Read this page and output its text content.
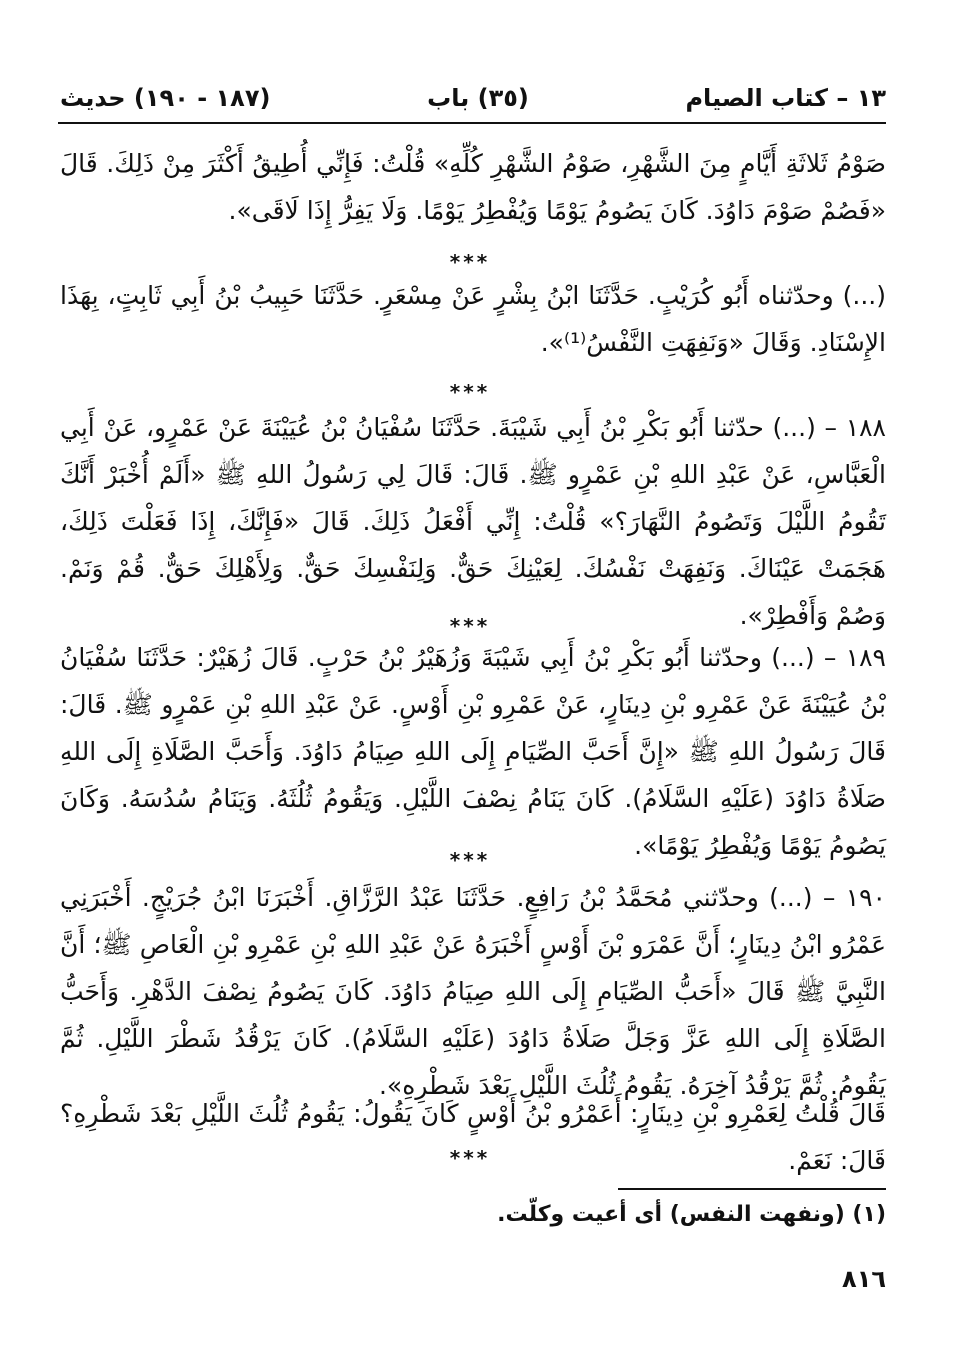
١٣ – كتاب الصيام
(٣٥) باب
(١٨٧ - ١٩٠) حديث

صَوْمُ ثَلاثَةِ أَيَّامٍ مِنَ الشَّهْرِ، صَوْمُ الشَّهْرِ كُلِّهِ» قُلْتُ: فَإِنِّي أُطِيقُ أَكْثَرَ مِنْ ذَلِكَ. قَالَ «فَصُمْ صَوْمَ دَاوُدَ. كَانَ يَصُومُ يَوْمًا وَيُفْطِرُ يَوْمًا. وَلَا يَفِرُّ إِذَا لَاقَى».

***

(...) وحدّثناه أَبُو كُرَيْبٍ. حَدَّثَنَا ابْنُ بِشْرٍ عَنْ مِسْعَرٍ. حَدَّثَنَا حَبِيبُ بْنُ أَبِي ثَابِتٍ، بِهَذَا الإِسْنَادِ. وَقَالَ «وَنَفِهَتِ النَّفْسُ⁽¹⁾».

***

١٨٨ – (...) حدّثنا أَبُو بَكْرِ بْنُ أَبِي شَيْبَةَ. حَدَّثَنَا سُفْيَانُ بْنُ عُيَيْنَةَ عَنْ عَمْرٍو، عَنْ أَبِي الْعَبَّاسِ، عَنْ عَبْدِ اللهِ بْنِ عَمْرٍو ﷺ. قَالَ: قَالَ لِي رَسُولُ اللهِ ﷺ «أَلَمْ أُخْبَرْ أَنَّكَ تَقُومُ اللَّيْلَ وَتَصُومُ النَّهَارَ؟» قُلْتُ: إِنِّي أَفْعَلُ ذَلِكَ. قَالَ «فَإِنَّكَ، إِذَا فَعَلْتَ ذَلِكَ، هَجَمَتْ عَيْنَاكَ. وَنَفِهَتْ نَفْسُكَ. لِعَيْنِكَ حَقٌّ. وَلِنَفْسِكَ حَقٌّ. وَلِأَهْلِكَ حَقٌّ. قُمْ وَنَمْ. وَصُمْ وَأَفْطِرْ».

***

١٨٩ – (...) وحدّثنا أَبُو بَكْرِ بْنُ أَبِي شَيْبَةَ وَزُهَيْرُ بْنُ حَرْبٍ. قَالَ زُهَيْرٌ: حَدَّثَنَا سُفْيَانُ بْنُ عُيَيْنَةَ عَنْ عَمْرِو بْنِ دِينَارٍ، عَنْ عَمْرِو بْنِ أَوْسٍ. عَنْ عَبْدِ اللهِ بْنِ عَمْرٍو ﷺ. قَالَ: قَالَ رَسُولُ اللهِ ﷺ «إِنَّ أَحَبَّ الصِّيَامِ إِلَى اللهِ صِيَامُ دَاوُدَ. وَأَحَبَّ الصَّلَاةِ إِلَى اللهِ صَلَاةُ دَاوُدَ (عَلَيْهِ السَّلَامُ). كَانَ يَنَامُ نِصْفَ اللَّيْلِ. وَيَقُومُ ثُلُثَهُ. وَيَنَامُ سُدُسَهُ. وَكَانَ يَصُومُ يَوْمًا وَيُفْطِرُ يَوْمًا».

***

١٩٠ – (...) وحدّثني مُحَمَّدُ بْنُ رَافِعٍ. حَدَّثَنَا عَبْدُ الرَّزَّاقِ. أَخْبَرَنَا ابْنُ جُرَيْجٍ. أَخْبَرَنِي عَمْرُو ابْنُ دِينَارٍ؛ أَنَّ عَمْرَو بْنَ أَوْسٍ أَخْبَرَهُ عَنْ عَبْدِ اللهِ بْنِ عَمْرِو بْنِ الْعَاصِ ﷺ؛ أَنَّ النَّبِيَّ ﷺ قَالَ «أَحَبُّ الصِّيَامِ إِلَى اللهِ صِيَامُ دَاوُدَ. كَانَ يَصُومُ نِصْفَ الدَّهْرِ. وَأَحَبُّ الصَّلَاةِ إِلَى اللهِ عَزَّ وَجَلَّ صَلَاةُ دَاوُدَ (عَلَيْهِ السَّلَامُ). كَانَ يَرْقُدُ شَطْرَ اللَّيْلِ. ثُمَّ يَقُومُ. ثُمَّ يَرْقُدُ آخِرَهُ. يَقُومُ ثُلُثَ اللَّيْلِ بَعْدَ شَطْرِهِ».

قَالَ قُلْتُ لِعَمْرِو بْنِ دِينَارٍ: أَعَمْرُو بْنُ أَوْسٍ كَانَ يَقُولُ: يَقُومُ ثُلُثَ اللَّيْلِ بَعْدَ شَطْرِهِ؟ قَالَ: نَعَمْ.

***
(١) (ونفهت النفس) أى أعيت وكلّت.
٨١٦
